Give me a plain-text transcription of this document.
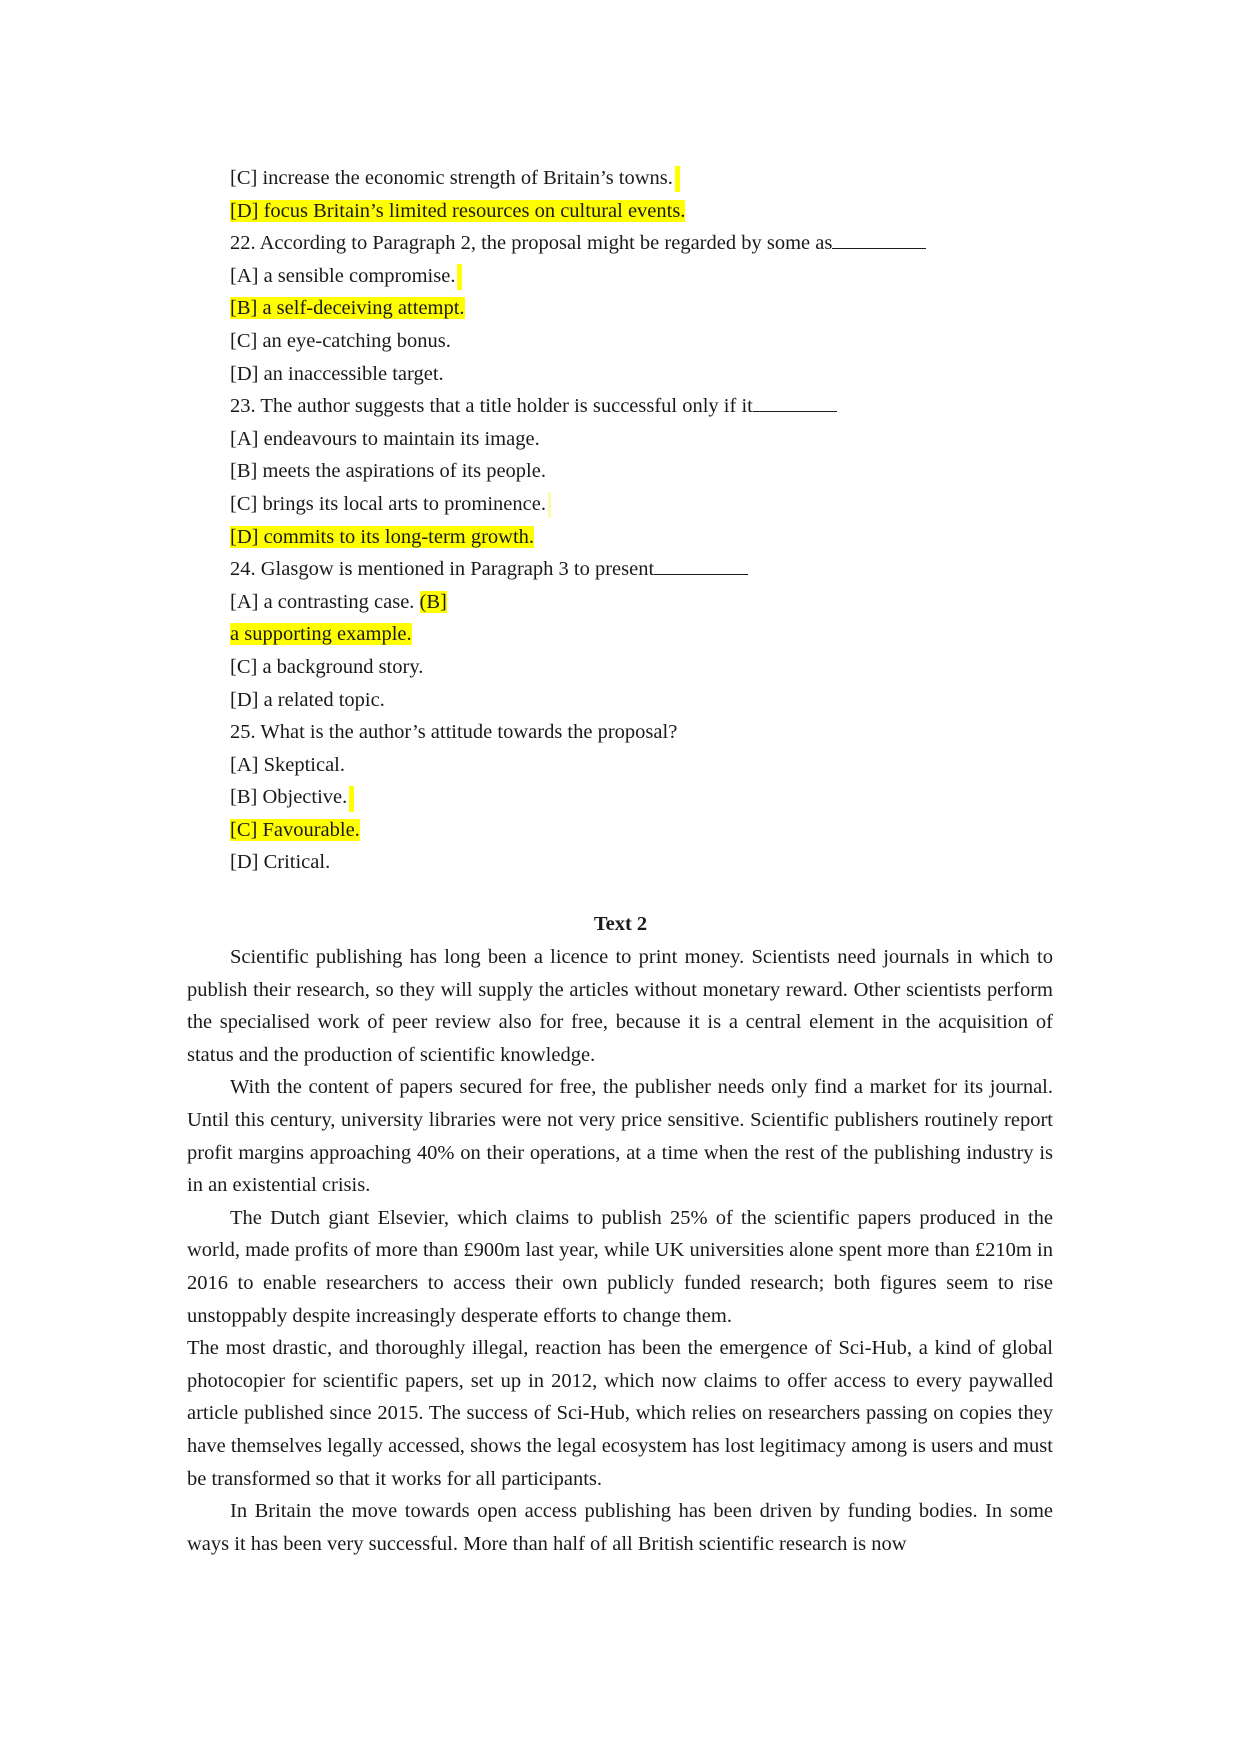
[C] increase the economic strength of Britain’s towns.
[D] focus Britain’s limited resources on cultural events.
22. According to Paragraph 2, the proposal might be regarded by some as
[A] a sensible compromise.
[B] a self-deceiving attempt.
[C] an eye-catching bonus.
[D] an inaccessible target.
23. The author suggests that a title holder is successful only if it
[A] endeavours to maintain its image.
[B] meets the aspirations of its people.
[C] brings its local arts to prominence.
[D] commits to its long-term growth.
24. Glasgow is mentioned in Paragraph 3 to present
[A] a contrasting case. (B]
a supporting example.
[C] a background story.
[D] a related topic.
25. What is the author’s attitude towards the proposal?
[A] Skeptical.
[B] Objective.
[C] Favourable.
[D] Critical.
Text 2

Scientific publishing has long been a licence to print money. Scientists need journals in which to publish their research, so they will supply the articles without monetary reward. Other scientists perform the specialised work of peer review also for free, because it is a central element in the acquisition of status and the production of scientific knowledge.

With the content of papers secured for free, the publisher needs only find a market for its journal. Until this century, university libraries were not very price sensitive. Scientific publishers routinely report profit margins approaching 40% on their operations, at a time when the rest of the publishing industry is in an existential crisis.

The Dutch giant Elsevier, which claims to publish 25% of the scientific papers produced in the world, made profits of more than £900m last year, while UK universities alone spent more than £210m in 2016 to enable researchers to access their own publicly funded research; both figures seem to rise unstoppably despite increasingly desperate efforts to change them.

The most drastic, and thoroughly illegal, reaction has been the emergence of Sci-Hub, a kind of global photocopier for scientific papers, set up in 2012, which now claims to offer access to every paywalled article published since 2015. The success of Sci-Hub, which relies on researchers passing on copies they have themselves legally accessed, shows the legal ecosystem has lost legitimacy among is users and must be transformed so that it works for all participants.

In Britain the move towards open access publishing has been driven by funding bodies. In some ways it has been very successful. More than half of all British scientific research is now
